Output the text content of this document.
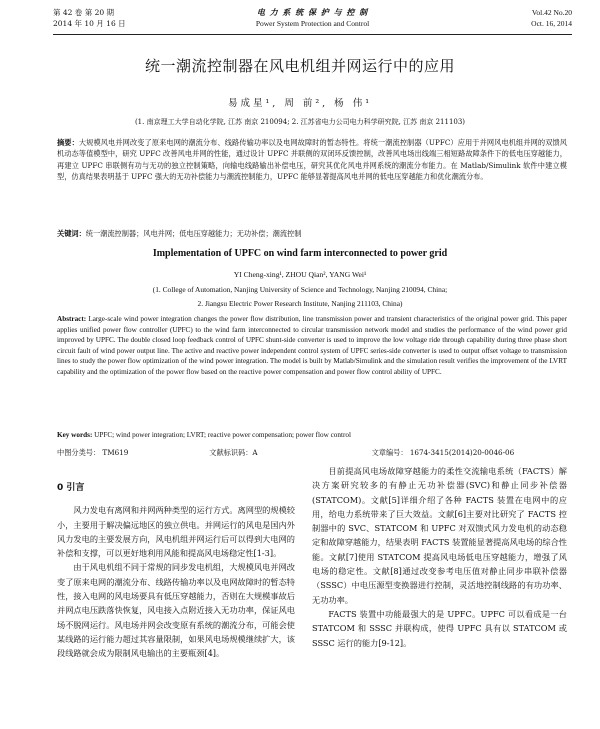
第 42 卷 第 20 期
2014 年 10 月 16 日
电 力 系 统 保 护 与 控 制
Power System Protection and Control
Vol.42 No.20
Oct. 16, 2014
统一潮流控制器在风电机组并网运行中的应用
易成星¹, 周 前², 杨 伟¹
(1. 南京理工大学自动化学院, 江苏 南京 210094; 2. 江苏省电力公司电力科学研究院, 江苏 南京 211103)
摘要：大规模风电并网改变了原来电网的潮流分布、线路传输功率以及电网故障时的暂态特性。将统一潮流控制器（UPFC）应用于并网风电机组并网的双馈风机动态等值模型中，研究 UPFC 改善风电并网的性能，通过设计 UPFC 并联侧的双闭环反馈控制，改善风电场出线端三相短路故障条件下的低电压穿越能力，再建立 UPFC 串联侧有功与无功的独立控制策略，向输电线路输出补偿电压，研究其优化风电并网系统的潮流分布能力。在 Matlab/Simulink 软件中建立模型，仿真结果表明基于 UPFC 强大的无功补偿能力与潮流控制能力，UPFC 能够显著提高风电并网的低电压穿越能力和优化潮流分布。
关键词：统一潮流控制器；风电并网；低电压穿越能力；无功补偿；潮流控制
Implementation of UPFC on wind farm interconnected to power grid
YI Cheng-xing¹, ZHOU Qian², YANG Wei¹
(1. College of Automation, Nanjing University of Science and Technology, Nanjing 210094, China;
2. Jiangsu Electric Power Research Institute, Nanjing 211103, China)
Abstract: Large-scale wind power integration changes the power flow distribution, line transmission power and transient characteristics of the original power grid. This paper applies unified power flow controller (UPFC) to the wind farm interconnected to circular transmission network model and studies the performance of the wind power grid improved by UPFC. The double closed loop feedback control of UPFC shunt-side converter is used to improve the low voltage ride through capability during three phase short circuit fault of wind power output line. The active and reactive power independent control system of UPFC series-side converter is used to output offset voltage to transmission lines to study the power flow optimization of the wind power integration. The model is built by Matlab/Simulink and the simulation result verifies the improvement of the LVRT capability and the optimization of the power flow based on the reactive power compensation and power flow control ability of UPFC.
Key words: UPFC; wind power integration; LVRT; reactive power compensation; power flow control
中图分类号： TM619	文献标识码：A	文章编号： 1674-3415(2014)20-0046-06
0 引言

风力发电有离网和并网两种类型的运行方式。离网型的规模较小，主要用于解决偏远地区的独立供电。并网运行的风电是国内外风力发电的主要发展方向，风电机组并网运行后可以得到大电网的补偿和支撑，可以更好地利用风能和提高风电场稳定性[1-3]。

由于风电机组不同于常规的同步发电机组，大规模风电并网改变了原来电网的潮流分布、线路传输功率以及电网故障时的暂态特性，接入电网的风电场要具有低压穿越能力，否则在大规模事故后并网点电压跌落快恢复，风电接入点附近接入无功功率，保证风电场不脱网运行。风电场并网会改变原有系统的潮流分布，可能会使某线路的运行能力超过其容量限制，如果风电场规模继续扩大，该段线路就会成为限制风电输出的主要瓶颈[4]。

目前提高风电场故障穿越能力的柔性交流输电系统（FACTS）解决方案研究较多的有静止无功补偿器(SVC)和静止同步补偿器(STATCOM)。文献[5]详细介绍了各种 FACTS 装置在电网中的应用，给电力系统带来了巨大效益。文献[6]主要对比研究了 FACTS 控制器中的 SVC、STATCOM 和 UPFC 对双馈式风力发电机的动态稳定和故障穿越能力，结果表明 FACTS 装置能显著提高风电场的综合性能。文献[7]使用 STATCOM 提高风电场低电压穿越能力，增强了风电场的稳定性。文献[8]通过改变参考电压值对静止同步串联补偿器（SSSC）中电压源型变换器进行控制，灵活地控制线路的有功功率、无功功率。

FACTS 装置中功能最强大的是 UPFC。UPFC 可以看成是一台 STATCOM 和 SSSC 并联构成，使得 UPFC 具有以 STATCOM 或 SSSC 运行的能力[9-12]。
